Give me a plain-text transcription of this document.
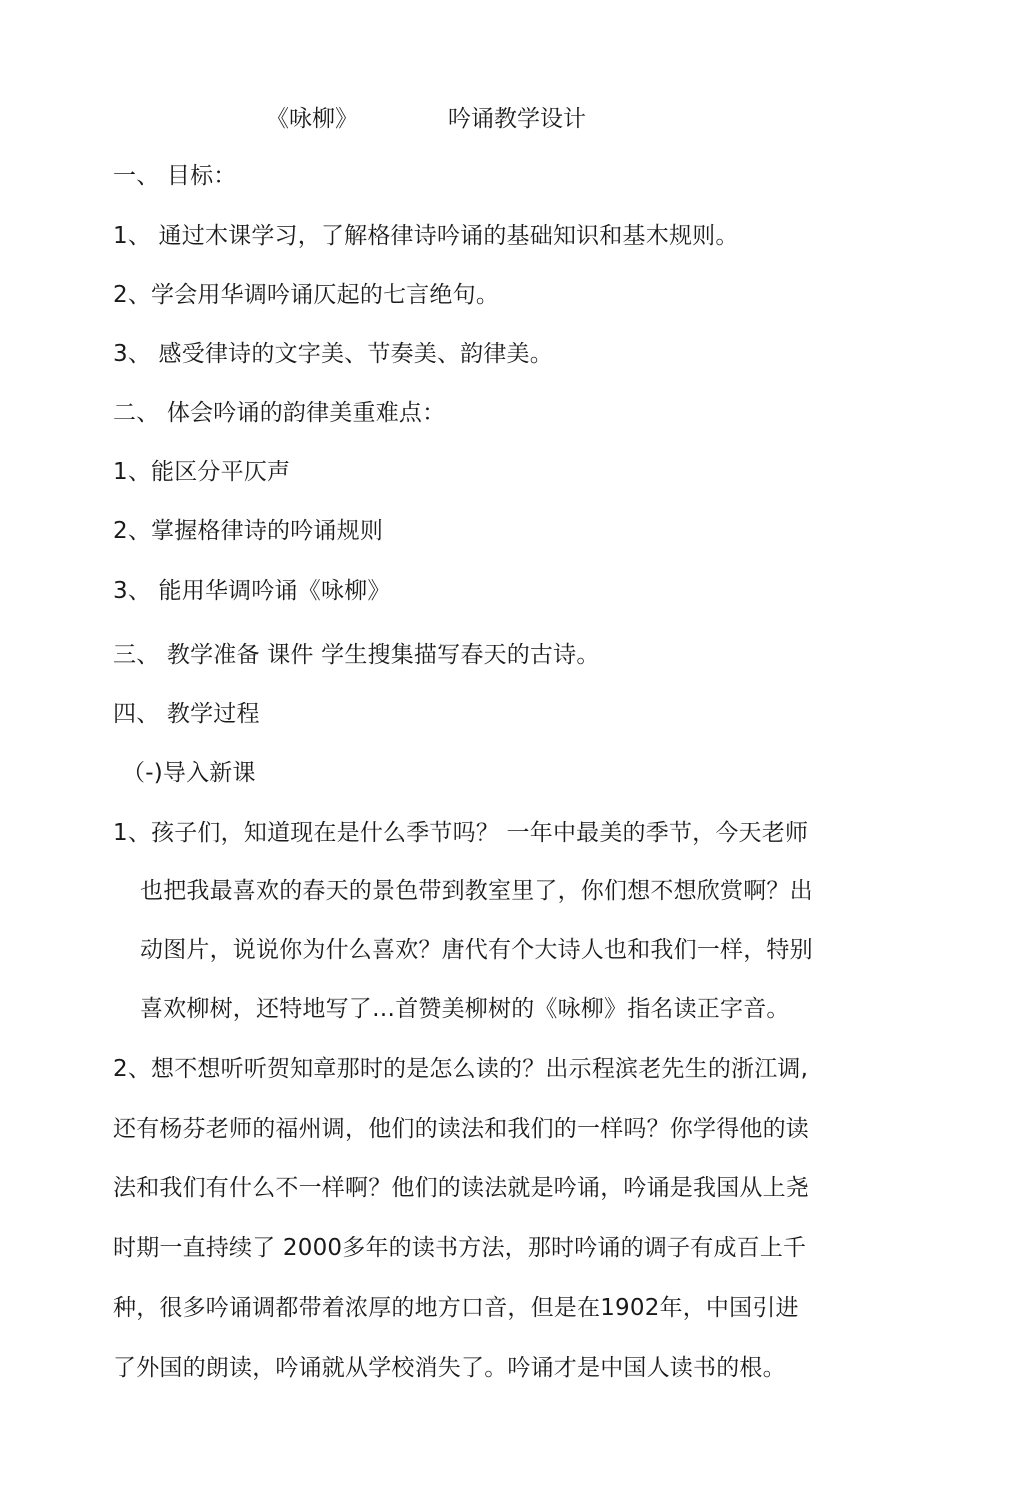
《咏柳》	吟诵教学设计
一、 目标：
1、 通过木课学习，了解格律诗吟诵的基础知识和基木规则。
2、学会用华调吟诵仄起的七言绝句。
3、 感受律诗的文字美、节奏美、韵律美。
二、 体会吟诵的韵律美重难点：
1、能区分平仄声
2、掌握格律诗的吟诵规则
3、 能用华调吟诵《咏柳》
三、 教学准备 课件 学生搜集描写春天的古诗。
四、 教学过程
（-)导入新课
1、孩子们，知道现在是什么季节吗？ 一年中最美的季节，今天老师
也把我最喜欢的春天的景色带到教室里了，你们想不想欣赏啊？出
动图片，说说你为什么喜欢？唐代有个大诗人也和我们一样，特别
喜欢柳树，还特地写了…首赞美柳树的《咏柳》指名读正字音。
2、想不想听听贺知章那时的是怎么读的？出示程滨老先生的浙江调,
还有杨芬老师的福州调，他们的读法和我们的一样吗？你学得他的读
法和我们有什么不一样啊？他们的读法就是吟诵，吟诵是我国从上尧
时期一直持续了 2000多年的读书方法，那时吟诵的调子有成百上千
种，很多吟诵调都带着浓厚的地方口音，但是在1902年，中国引进
了外国的朗读，吟诵就从学校消失了。吟诵才是中国人读书的根。
